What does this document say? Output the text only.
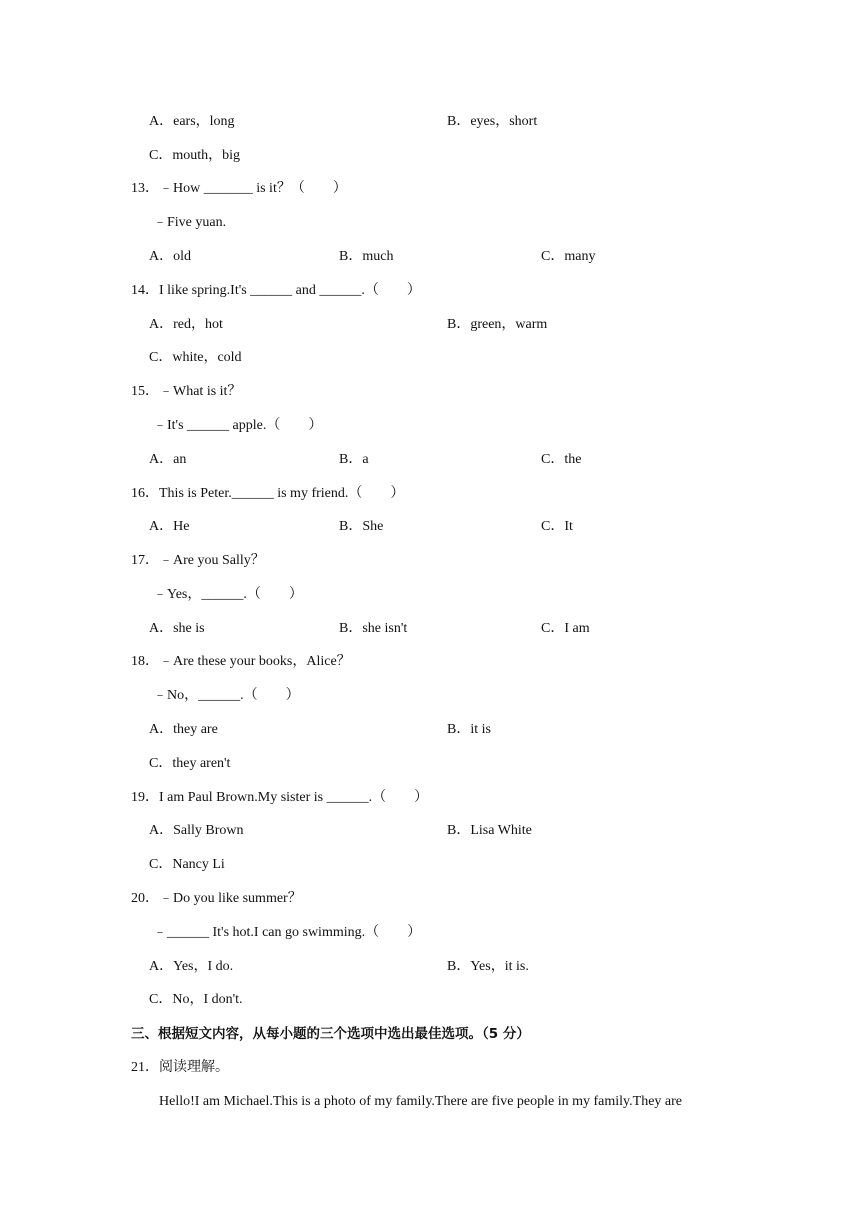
A．ears，long	B．eyes，short
C．mouth，big
13．﹣How _______ is it？（　　）
﹣Five yuan.
A．old	B．much	C．many
14．I like spring.It's ______ and ______.（　　）
A．red，hot	B．green，warm
C．white，cold
15．﹣What is it？
﹣It's ______ apple.（　　）
A．an	B．a	C．the
16．This is Peter.______ is my friend.（　　）
A．He	B．She	C．It
17．﹣Are you Sally？
﹣Yes，______.（　　）
A．she is	B．she isn't	C．I am
18．﹣Are these your books，Alice？
﹣No，______.（　　）
A．they are	B．it is
C．they aren't
19．I am Paul Brown.My sister is ______.（　　）
A．Sally Brown	B．Lisa White
C．Nancy Li
20．﹣Do you like summer？
﹣______ It's hot.I can go swimming.（　　）
A．Yes，I do.	B．Yes，it is.
C．No，I don't.
三、根据短文内容，从每小题的三个选项中选出最佳选项。（5 分）
21．阅读理解。
Hello!I am Michael.This is a photo of my family.There are five people in my family.They are
